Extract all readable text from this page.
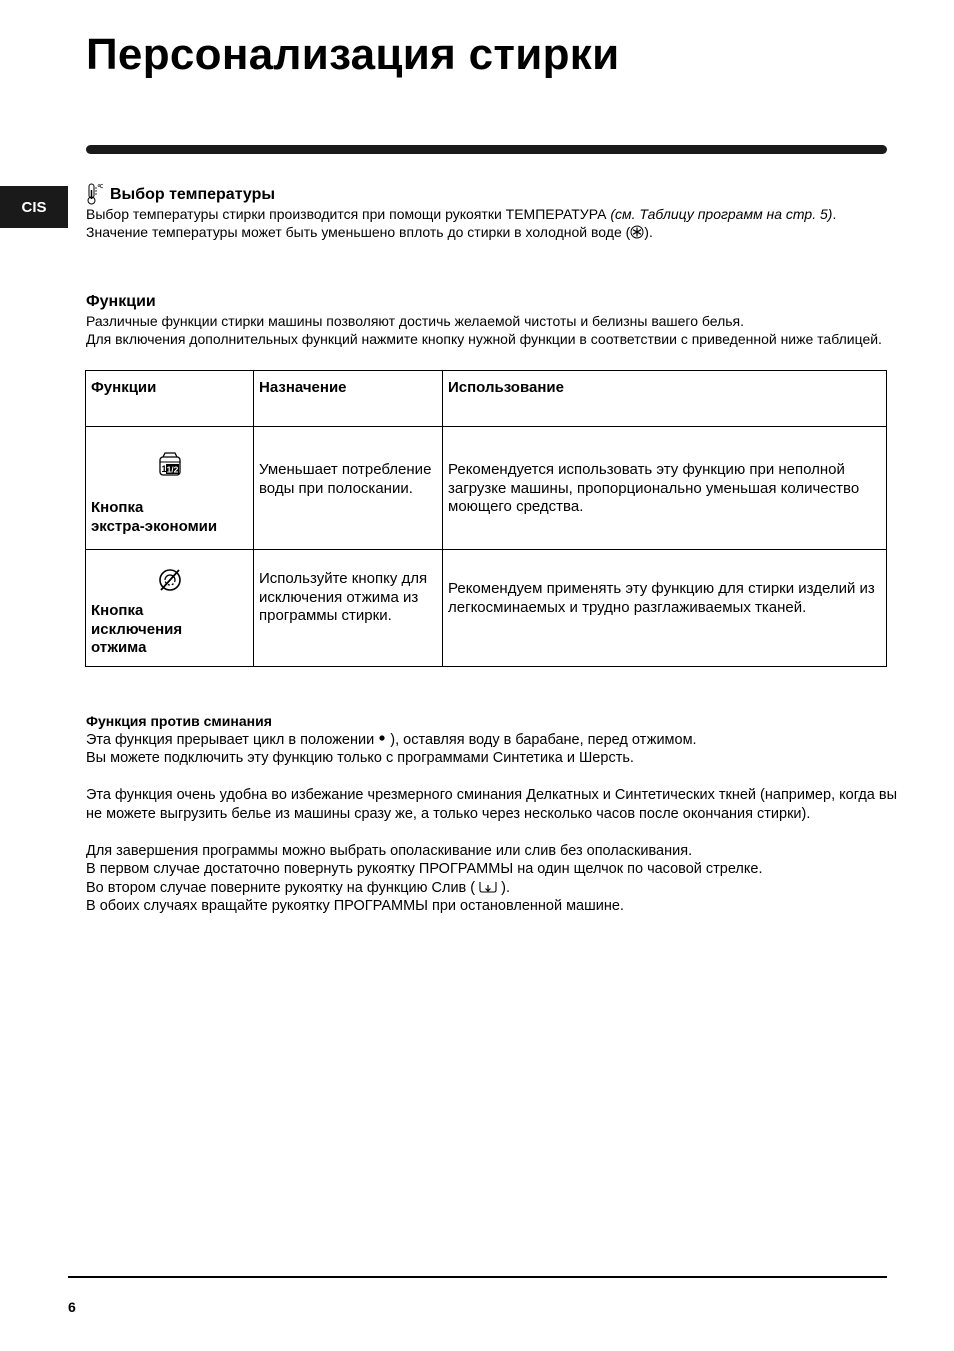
Персонализация стирки
CIS
Выбор температуры

Выбор температуры стирки производится при помощи рукоятки ТЕМПЕРАТУРА (см. Таблицу программ на стр. 5).

Значение температуры может быть уменьшено вплоть до стирки в холодной воде ( ).

Функции

Различные функции стирки машины позволяют достичь желаемой чистоты и белизны вашего белья.

Для включения дополнительных функций нажмите кнопку нужной функции в соответствии с приведенной ниже таблицей.

Функции	Назначение	Использование

1/2
1
Кнопка
экстра-экономии	Уменьшает потребление воды при полоскании.	Рекомендуется использовать эту функцию при неполной загрузке машины, пропорционально уменьшая количество моющего средства.

Кнопка
исключения
отжима	Используйте кнопку для исключения отжима из программы стирки.	Рекомендуем применять эту функцию для стирки изделий из легкосминаемых и трудно разглаживаемых тканей.

Функция против сминания

Эта функция прерывает цикл в положении  ), оставляя воду в барабане, перед отжимом.

Вы можете подключить эту функцию только с программами Синтетика и Шерсть.

Эта функция очень удобна во избежание чрезмерного сминания Делкатных и Синтетических ткней (например, когда вы не можете выгрузить белье из машины сразу же, а только через несколько часов после окончания стирки).

Для завершения программы можно выбрать ополаскивание или слив без ополаскивания.

В первом случае достаточно повернуть рукоятку ПРОГРАММЫ на один щелчок по часовой стрелке.

Во втором случае поверните рукоятку на функцию Слив ( ).

В обоих случаях вращайте рукоятку ПРОГРАММЫ при остановленной машине.

6
